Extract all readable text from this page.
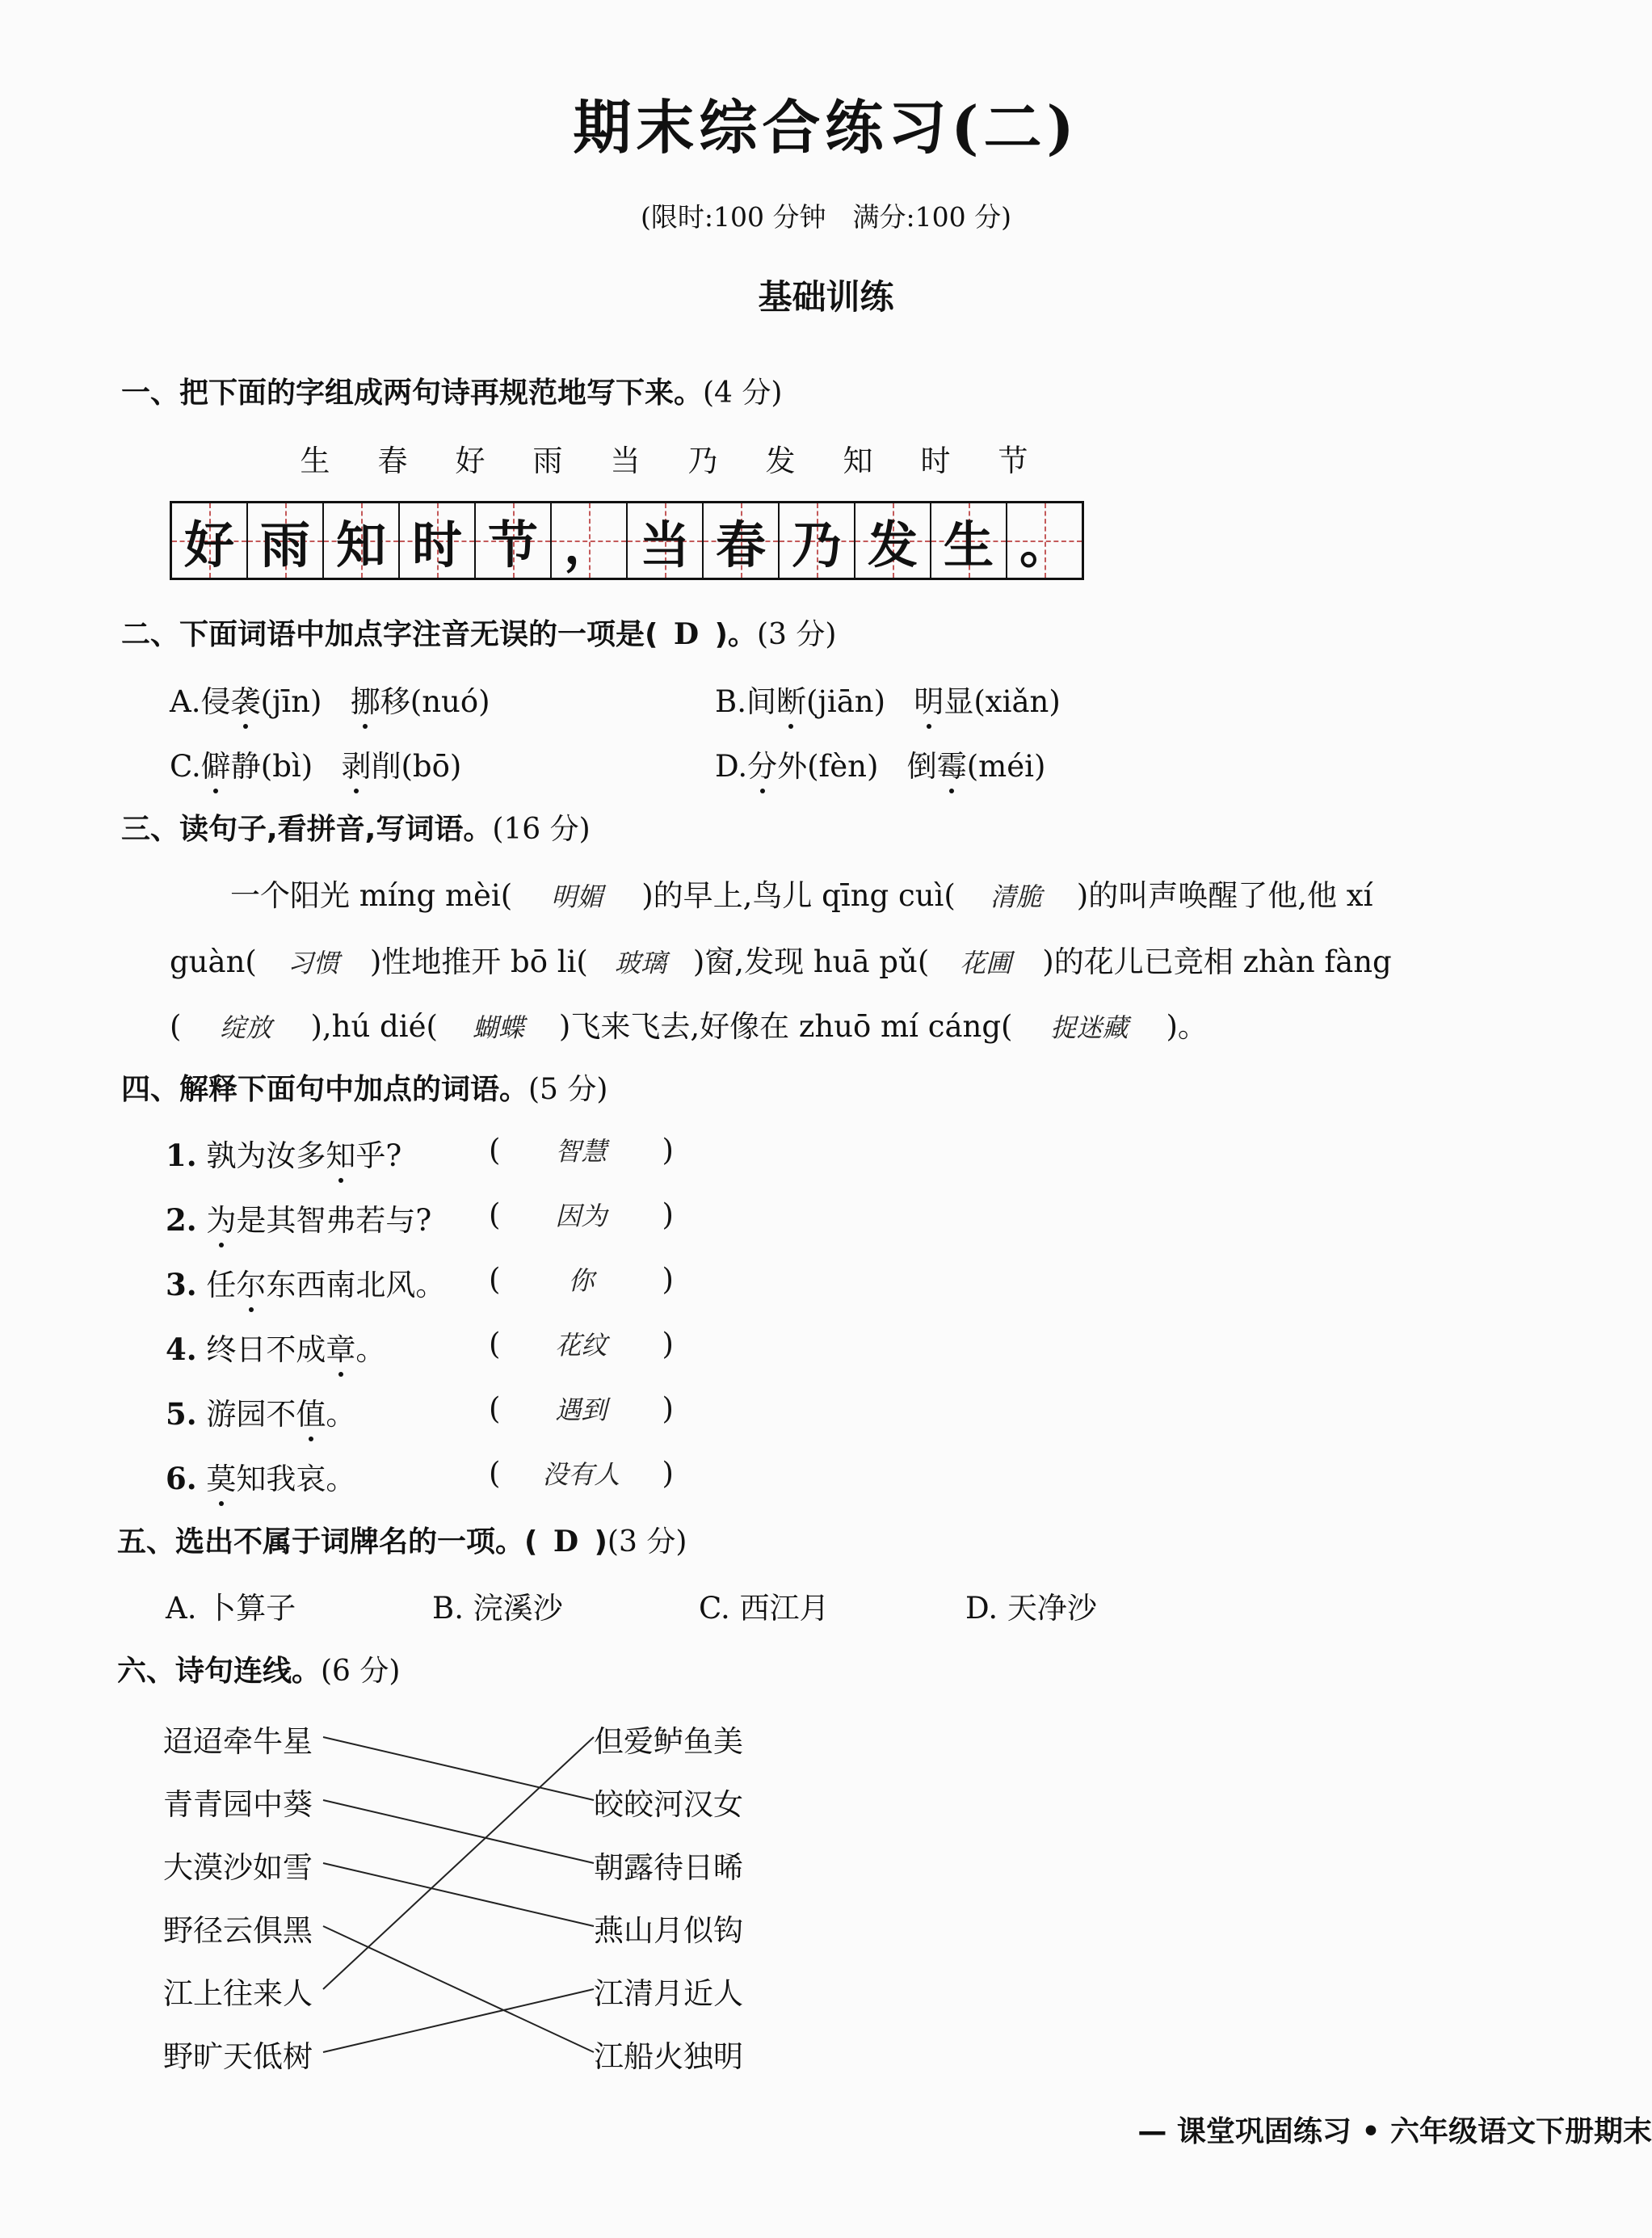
期末综合练习(二)
(限时:100 分钟　满分:100 分)
基础训练
一、把下面的字组成两句诗再规范地写下来。(4 分)
生 春 好 雨 当 乃 发 知 时 节
好 雨 知 时 节 ， 当 春 乃 发 生 。
二、下面词语中加点字注音无误的一项是( D )。(3 分)
A.侵袭(jīn) 挪移(nuó)	B.间断(jiān) 明显(xiǎn)
C.僻静(bì) 剥削(bō)	D.分外(fèn) 倒霉(méi)
三、读句子,看拼音,写词语。(16 分)
一个阳光 míng mèi( 明媚 )的早上,鸟儿 qīng cuì( 清脆 )的叫声唤醒了他,他 xí
guàn( 习惯 )性地推开 bō li( 玻璃 )窗,发现 huā pǔ( 花圃 )的花儿已竞相 zhàn fàng
( 绽放 ),hú dié( 蝴蝶 )飞来飞去,好像在 zhuō mí cáng( 捉迷藏 )。
四、解释下面句中加点的词语。(5 分)
1. 孰为汝多知乎?	( 智慧 )
2. 为是其智弗若与? ( 因为 )
3. 任尔东西南北风。 (	你 )
4. 终日不成章。	( 花纹 )
5. 游园不值。	( 遇到 )
6. 莫知我哀。	( 没有人 )
五、选出不属于词牌名的一项。( D )(3 分)
A. 卜算子	B. 浣溪沙	C. 西江月	D. 天净沙
六、诗句连线。(6 分)
迢迢牵牛星
青青园中葵
大漠沙如雪
野径云俱黑
江上往来人
野旷天低树
但爱鲈鱼美
皎皎河汉女
朝露待日晞
燕山月似钩
江清月近人
江船火独明
— 课堂巩固练习 • 六年级语文下册期末
